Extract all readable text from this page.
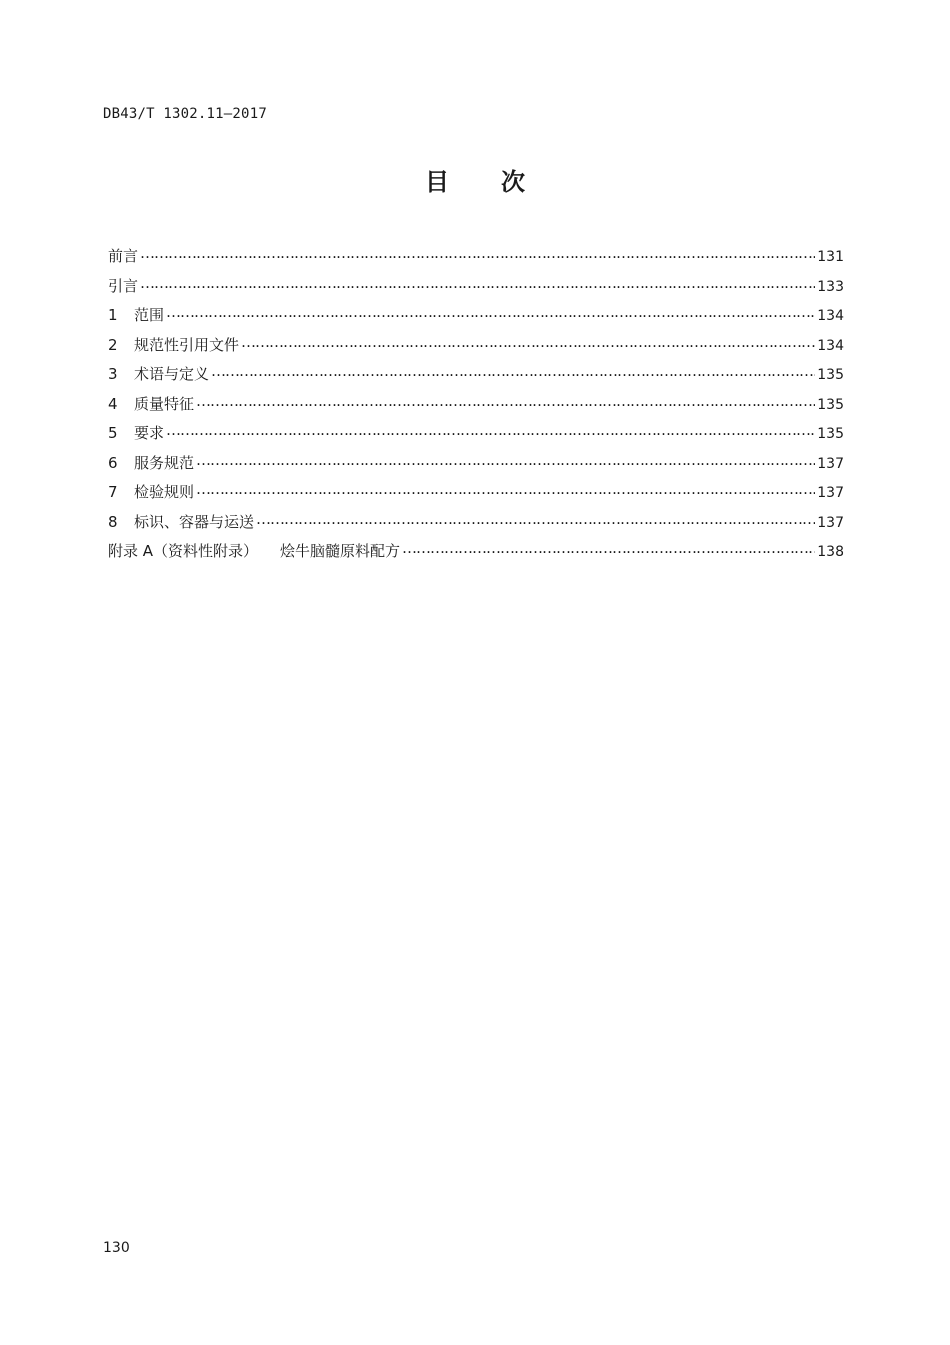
DB43/T 1302.11—2017
目 次
前言 ……………………………………………………………………………………………………………………………………………………………………………………………………………………………………………	131
引言 ……………………………………………………………………………………………………………………………………………………………………………………………………………………………………………	133
1	范围 ……………………………………………………………………………………………………………………………………………………………………………………………………………………………………………	134
2	规范性引用文件 ……………………………………………………………………………………………………………………………………………………………………………………………………………………………………………	134
3	术语与定义 ……………………………………………………………………………………………………………………………………………………………………………………………………………………………………………	135
4	质量特征 ……………………………………………………………………………………………………………………………………………………………………………………………………………………………………………	135
5	要求 ……………………………………………………………………………………………………………………………………………………………………………………………………………………………………………	135
6	服务规范 ……………………………………………………………………………………………………………………………………………………………………………………………………………………………………………	137
7	检验规则 ……………………………………………………………………………………………………………………………………………………………………………………………………………………………………………	137
8	标识、容器与运送 ……………………………………………………………………………………………………………………………………………………………………………………………………………………………………………	137
附录 A（资料性附录） 烩牛脑髓原料配方 ……………………………………………………………………………………………………………………………………………………………………………………………………………………………………………	138
130
